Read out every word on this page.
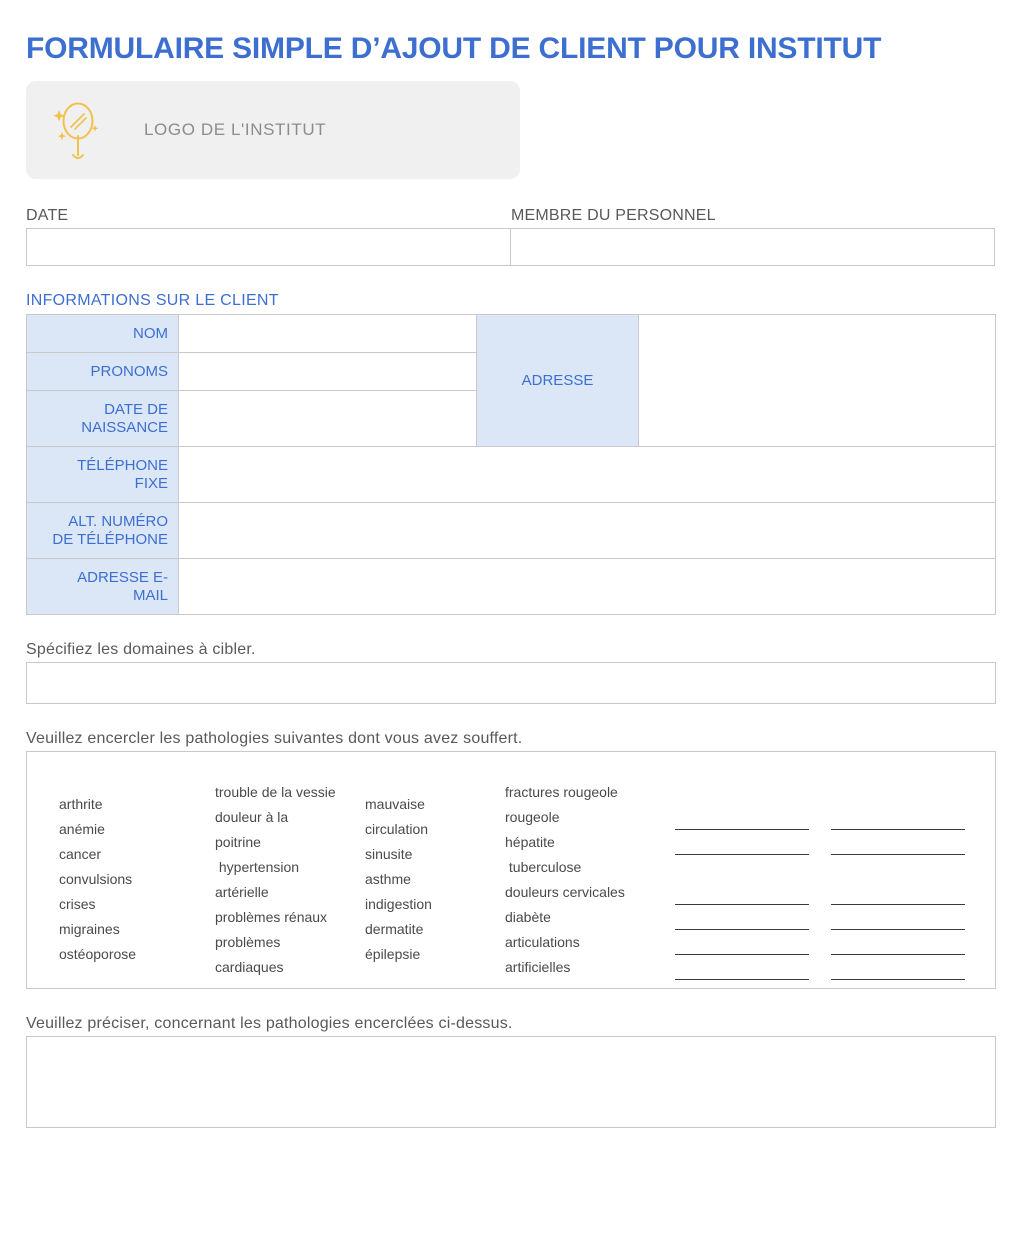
FORMULAIRE SIMPLE D’AJOUT DE CLIENT POUR INSTITUT
LOGO DE L'INSTITUT
DATE	MEMBRE DU PERSONNEL
INFORMATIONS SUR LE CLIENT
NOM		ADRESSE	
PRONOMS			
DATE DE
NAISSANCE			
TÉLÉPHONE
FIXE			
ALT. NUMÉRO
DE TÉLÉPHONE			
ADRESSE E-
MAIL			
Spécifiez les domaines à cibler.
Veuillez encercler les pathologies suivantes dont vous avez souffert.
arthrite
anémie
cancer
convulsions
crises
migraines
ostéoporose
trouble de la vessie
douleur à la
poitrine
hypertension
artérielle
problèmes rénaux
problèmes
cardiaques
mauvaise
circulation
sinusite
asthme
indigestion
dermatite
épilepsie
fractures rougeole
rougeole
hépatite
tuberculose
douleurs cervicales
diabète
articulations
artificielles
Veuillez préciser, concernant les pathologies encerclées ci-dessus.
